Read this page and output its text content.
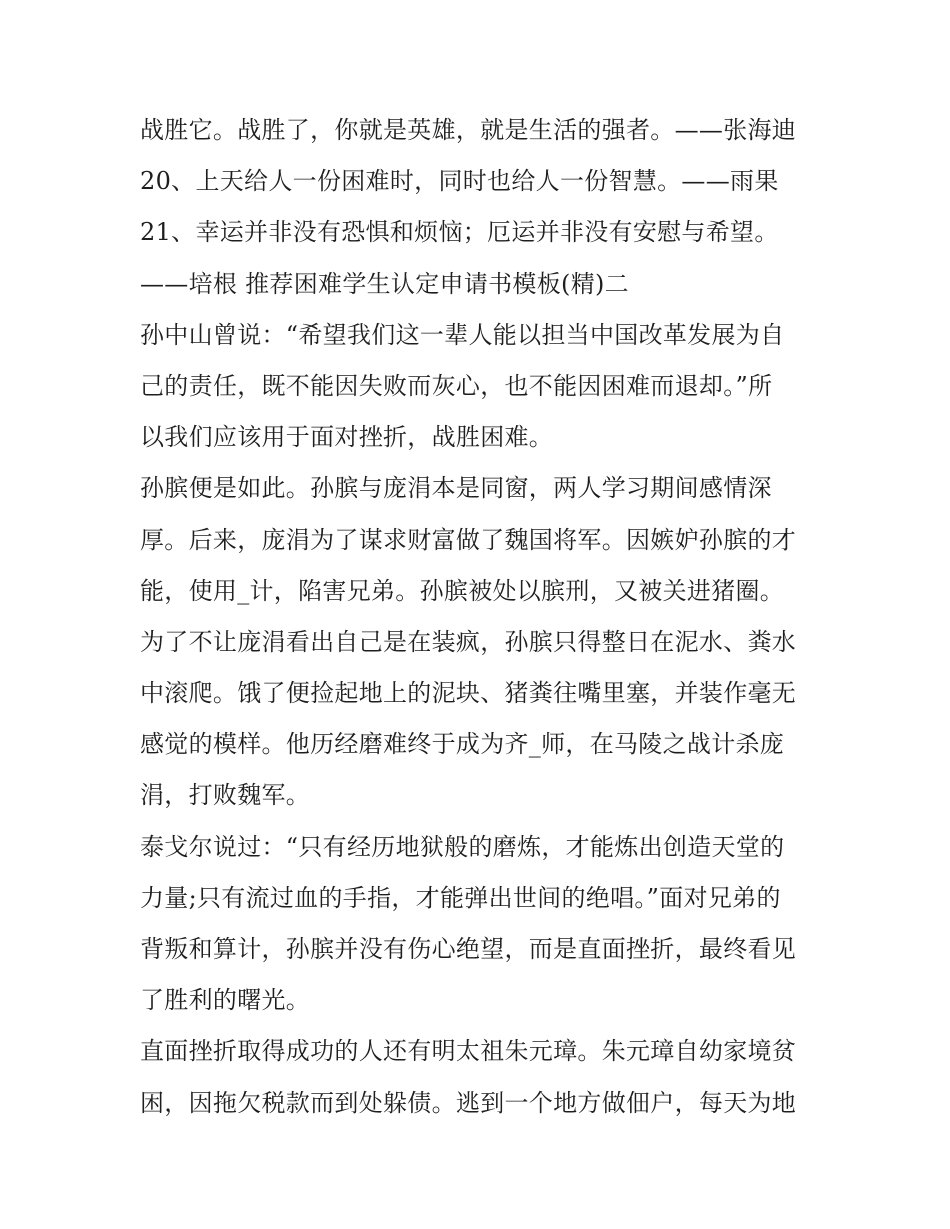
战胜它。战胜了，你就是英雄，就是生活的强者。——张海迪
20、上天给人一份困难时，同时也给人一份智慧。——雨果
21、幸运并非没有恐惧和烦恼；厄运并非没有安慰与希望。
——培根 推荐困难学生认定申请书模板(精)二
孙中山曾说：“希望我们这一辈人能以担当中国改革发展为自
己的责任，既不能因失败而灰心，也不能因困难而退却。”所
以我们应该用于面对挫折，战胜困难。
孙膑便是如此。孙膑与庞涓本是同窗，两人学习期间感情深
厚。后来，庞涓为了谋求财富做了魏国将军。因嫉妒孙膑的才
能，使用_计，陷害兄弟。孙膑被处以膑刑，又被关进猪圈。
为了不让庞涓看出自己是在装疯，孙膑只得整日在泥水、粪水
中滚爬。饿了便捡起地上的泥块、猪粪往嘴里塞，并装作毫无
感觉的模样。他历经磨难终于成为齐_师，在马陵之战计杀庞
涓，打败魏军。
泰戈尔说过：“只有经历地狱般的磨炼，才能炼出创造天堂的
力量;只有流过血的手指，才能弹出世间的绝唱。”面对兄弟的
背叛和算计，孙膑并没有伤心绝望，而是直面挫折，最终看见
了胜利的曙光。
直面挫折取得成功的人还有明太祖朱元璋。朱元璋自幼家境贫
困，因拖欠税款而到处躲债。逃到一个地方做佃户，每天为地
